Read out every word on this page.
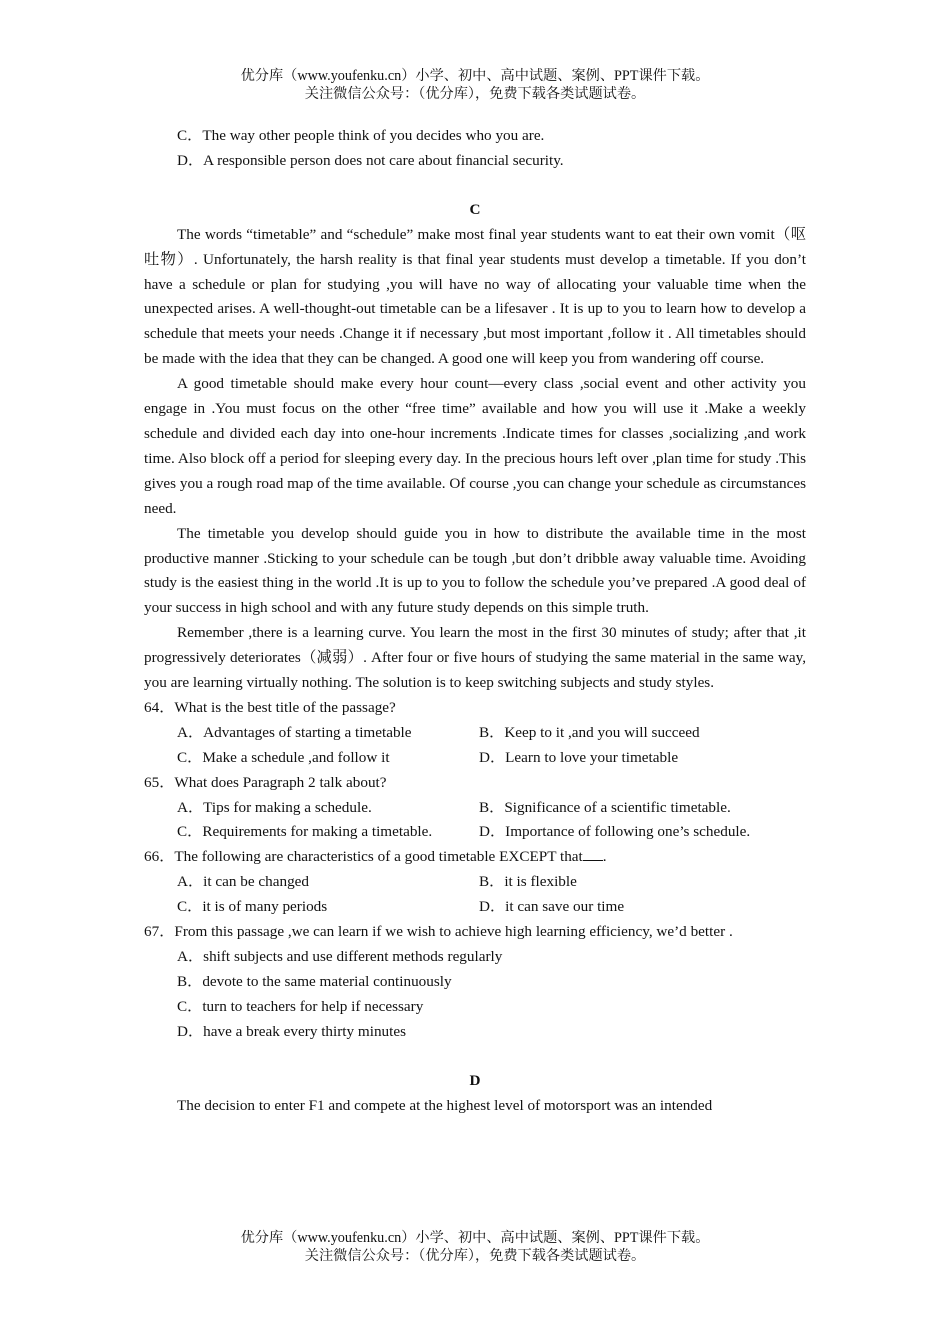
优分库（www.youfenku.cn）小学、初中、高中试题、案例、PPT课件下载。
关注微信公众号：（优分库），免费下载各类试题试卷。
C．The way other people think of you decides who you are.
D．A responsible person does not care about financial security.
C
The words “timetable” and “schedule” make most final year students want to eat their own vomit（呕吐物）. Unfortunately, the harsh reality is that final year students must develop a timetable. If you don’t have a schedule or plan for studying ,you will have no way of allocating your valuable time when the unexpected arises. A well-thought-out timetable can be a lifesaver . It is up to you to learn how to develop a schedule that meets your needs .Change it if necessary ,but most important ,follow it . All timetables should be made with the idea that they can be changed. A good one will keep you from wandering off course.
A good timetable should make every hour count—every class ,social event and other activity you engage in .You must focus on the other “free time” available and how you will use it .Make a weekly schedule and divided each day into one-hour increments .Indicate times for classes ,socializing ,and work time. Also block off a period for sleeping every day. In the precious hours left over ,plan time for study .This gives you a rough road map of the time available. Of course ,you can change your schedule as circumstances need.
The timetable you develop should guide you in how to distribute the available time in the most productive manner .Sticking to your schedule can be tough ,but don’t dribble away valuable time. Avoiding study is the easiest thing in the world .It is up to you to follow the schedule you’ve prepared .A good deal of your success in high school and with any future study depends on this simple truth.
Remember ,there is a learning curve. You learn the most in the first 30 minutes of study; after that ,it progressively deteriorates（减弱）. After four or five hours of studying the same material in the same way, you are learning virtually nothing. The solution is to keep switching subjects and study styles.
64．What is the best title of the passage?
A．Advantages of starting a timetable	B．Keep to it ,and you will succeed
C．Make a schedule ,and follow it	D．Learn to love your timetable
65．What does Paragraph 2 talk about?
A．Tips for making a schedule.	B．Significance of a scientific timetable.
C．Requirements for making a timetable.	D．Importance of following one’s schedule.
66．The following are characteristics of a good timetable EXCEPT that .
A．it can be changed	B．it is flexible
C．it is of many periods	D．it can save our time
67．From this passage ,we can learn if we wish to achieve high learning efficiency, we’d better .
A．shift subjects and use different methods regularly
B．devote to the same material continuously
C．turn to teachers for help if necessary
D．have a break every thirty minutes
D
The decision to enter F1 and compete at the highest level of motorsport was an intended
优分库（www.youfenku.cn）小学、初中、高中试题、案例、PPT课件下载。
关注微信公众号：（优分库），免费下载各类试题试卷。
